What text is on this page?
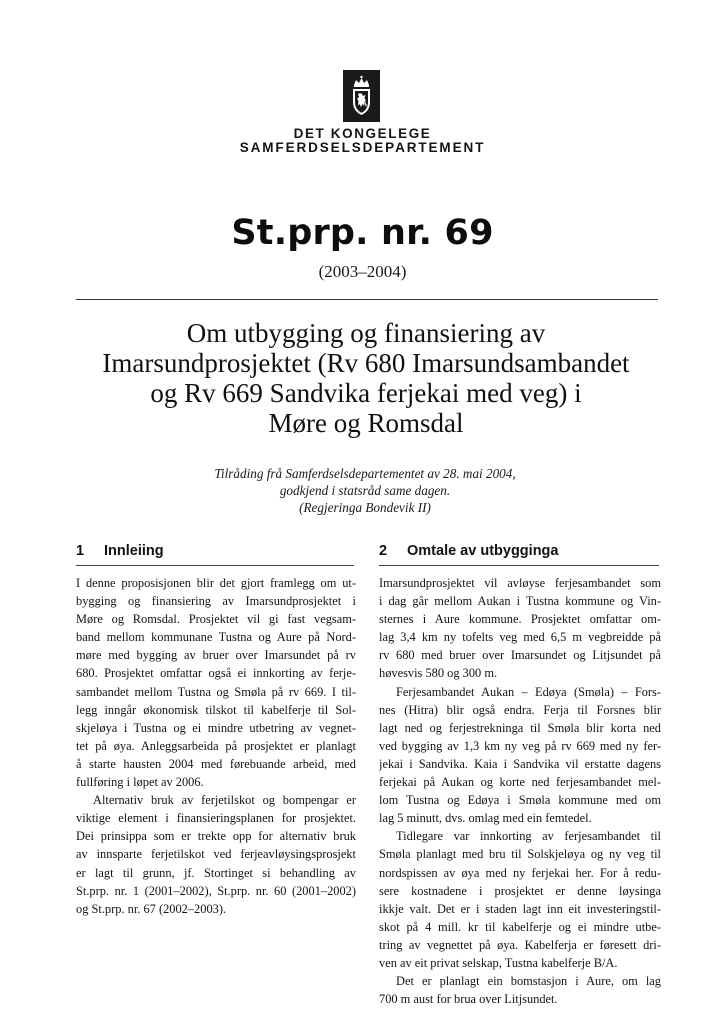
DET KONGELEGE
SAMFERDSELSDEPARTEMENT
St.prp. nr. 69
(2003–2004)
Om utbygging og finansiering av
Imarsundprosjektet (Rv 680 Imarsundsambandet
og Rv 669 Sandvika ferjekai med veg) i
Møre og Romsdal
Tilråding frå Samferdselsdepartementet av 28. mai 2004,
godkjend i statsråd same dagen.
(Regjeringa Bondevik II)
1 Innleiing	2 Omtale av utbygginga
I denne proposisjonen blir det gjort framlegg om ut-
bygging og finansiering av Imarsundprosjektet i
Møre og Romsdal. Prosjektet vil gi fast vegsam-
band mellom kommunane Tustna og Aure på Nord-
møre med bygging av bruer over Imarsundet på rv
680. Prosjektet omfattar også ei innkorting av ferje-
sambandet mellom Tustna og Smøla på rv 669. I til-
legg inngår økonomisk tilskot til kabelferje til Sol-
skjeløya i Tustna og ei mindre utbetring av vegnet-
tet på øya. Anleggsarbeida på prosjektet er planlagt
å starte hausten 2004 med førebuande arbeid, med
fullføring i løpet av 2006.
Alternativ bruk av ferjetilskot og bompengar er
viktige element i finansieringsplanen for prosjektet.
Dei prinsippa som er trekte opp for alternativ bruk
av innsparte ferjetilskot ved ferjeavløysingsprosjekt
er lagt til grunn, jf. Stortinget si behandling av
St.prp. nr. 1 (2001–2002), St.prp. nr. 60 (2001–2002)
og St.prp. nr. 67 (2002–2003).
Imarsundprosjektet vil avløyse ferjesambandet som
i dag går mellom Aukan i Tustna kommune og Vin-
sternes i Aure kommune. Prosjektet omfattar om-
lag 3,4 km ny tofelts veg med 6,5 m vegbreidde på
rv 680 med bruer over Imarsundet og Litjsundet på
høvesvis 580 og 300 m.
Ferjesambandet Aukan – Edøya (Smøla) – Fors-
nes (Hitra) blir også endra. Ferja til Forsnes blir
lagt ned og ferjestrekninga til Smøla blir korta ned
ved bygging av 1,3 km ny veg på rv 669 med ny fer-
jekai i Sandvika. Kaia i Sandvika vil erstatte dagens
ferjekai på Aukan og korte ned ferjesambandet mel-
lom Tustna og Edøya i Smøla kommune med om
lag 5 minutt, dvs. omlag med ein femtedel.
Tidlegare var innkorting av ferjesambandet til
Smøla planlagt med bru til Solskjeløya og ny veg til
nordspissen av øya med ny ferjekai her. For å redu-
sere kostnadene i prosjektet er denne løysinga
ikkje valt. Det er i staden lagt inn eit investeringstil-
skot på 4 mill. kr til kabelferje og ei mindre utbe-
tring av vegnettet på øya. Kabelferja er føresett dri-
ven av eit privat selskap, Tustna kabelferje B/A.
Det er planlagt ein bomstasjon i Aure, om lag
700 m aust for brua over Litjsundet.
